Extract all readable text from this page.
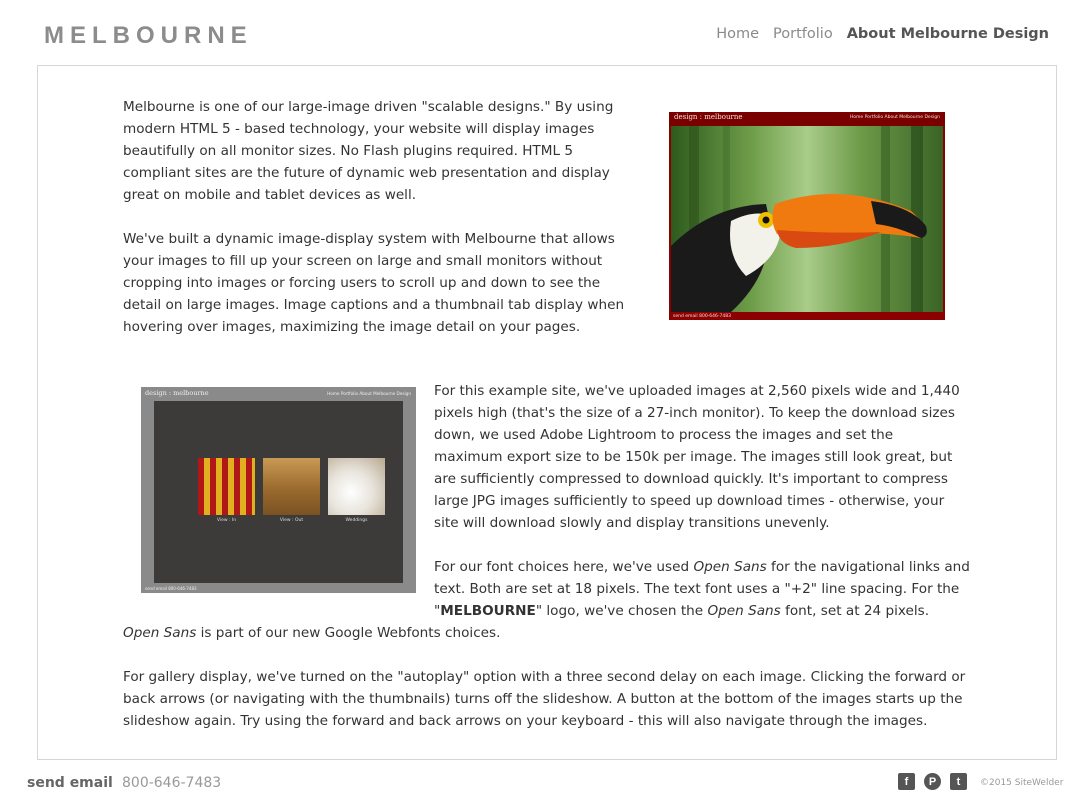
MELBOURNE	Home Portfolio About Melbourne Design

Melbourne is one of our large-image driven "scalable designs." By using modern HTML 5 - based technology, your website will display images beautifully on all monitor sizes. No Flash plugins required. HTML 5 compliant sites are the future of dynamic web presentation and display great on mobile and tablet devices as well.

We've built a dynamic image-display system with Melbourne that allows your images to fill up your screen on large and small monitors without cropping into images or forcing users to scroll up and down to see the detail on large images. Image captions and a thumbnail tab display when hovering over images, maximizing the image detail on your pages.

design : melbourne	Home Portfolio About Melbourne Design
send email 800-646-7483
design : melbourne	Home Portfolio About Melbourne Design
View : In	View : Out	Weddings
send email 800-646-7483

For this example site, we've uploaded images at 2,560 pixels wide and 1,440 pixels high (that's the size of a 27-inch monitor). To keep the download sizes down, we used Adobe Lightroom to process the images and set the maximum export size to be 150k per image. The images still look great, but are sufficiently compressed to download quickly. It's important to compress large JPG images sufficiently to speed up download times - otherwise, your site will download slowly and display transitions unevenly.

For our font choices here, we've used Open Sans for the navigational links and text. Both are set at 18 pixels. The text font uses a "+2" line spacing. For the "MELBOURNE" logo, we've chosen the Open Sans font, set at 24 pixels.

Open Sans is part of our new Google Webfonts choices.

For gallery display, we've turned on the "autoplay" option with a three second delay on each image. Clicking the forward or back arrows (or navigating with the thumbnails) turns off the slideshow. A button at the bottom of the images starts up the slideshow again. Try using the forward and back arrows on your keyboard - this will also navigate through the images.

send email 800-646-7483	f	P	t	©2015 SiteWelder
